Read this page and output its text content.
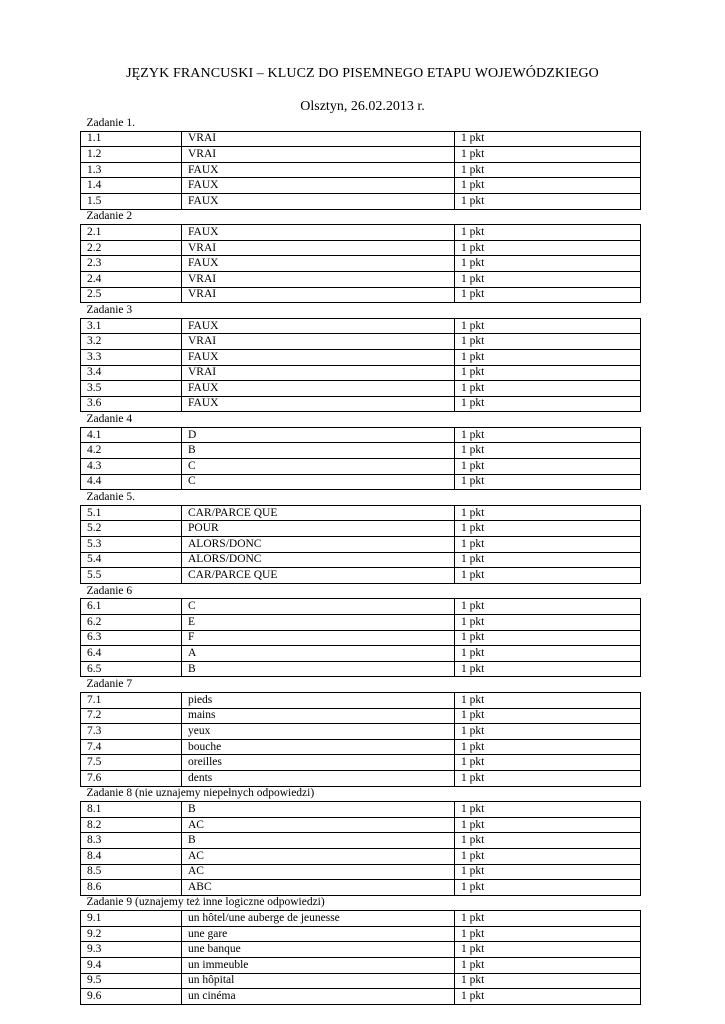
JĘZYK FRANCUSKI – KLUCZ DO PISEMNEGO ETAPU WOJEWÓDZKIEGO
Olsztyn, 26.02.2013 r.
Zadanie 1.		
1.1	VRAI	1 pkt
1.2	VRAI	1 pkt
1.3	FAUX	1 pkt
1.4	FAUX	1 pkt
1.5	FAUX	1 pkt
Zadanie 2		
2.1	FAUX	1 pkt
2.2	VRAI	1 pkt
2.3	FAUX	1 pkt
2.4	VRAI	1 pkt
2.5	VRAI	1 pkt
Zadanie 3		
3.1	FAUX	1 pkt
3.2	VRAI	1 pkt
3.3	FAUX	1 pkt
3.4	VRAI	1 pkt
3.5	FAUX	1 pkt
3.6	FAUX	1 pkt
Zadanie 4		
4.1	D	1 pkt
4.2	B	1 pkt
4.3	C	1 pkt
4.4	C	1 pkt
Zadanie 5.		
5.1	CAR/PARCE QUE	1 pkt
5.2	POUR	1 pkt
5.3	ALORS/DONC	1 pkt
5.4	ALORS/DONC	1 pkt
5.5	CAR/PARCE QUE	1 pkt
Zadanie 6		
6.1	C	1 pkt
6.2	E	1 pkt
6.3	F	1 pkt
6.4	A	1 pkt
6.5	B	1 pkt
Zadanie 7		
7.1	pieds	1 pkt
7.2	mains	1 pkt
7.3	yeux	1 pkt
7.4	bouche	1 pkt
7.5	oreilles	1 pkt
7.6	dents	1 pkt
Zadanie 8 (nie uznajemy niepełnych odpowiedzi)		
8.1	B	1 pkt
8.2	AC	1 pkt
8.3	B	1 pkt
8.4	AC	1 pkt
8.5	AC	1 pkt
8.6	ABC	1 pkt
Zadanie 9 (uznajemy też inne logiczne odpowiedzi)		
9.1	un hôtel/une auberge de jeunesse	1 pkt
9.2	une gare	1 pkt
9.3	une banque	1 pkt
9.4	un immeuble	1 pkt
9.5	un hôpital	1 pkt
9.6	un cinéma	1 pkt
